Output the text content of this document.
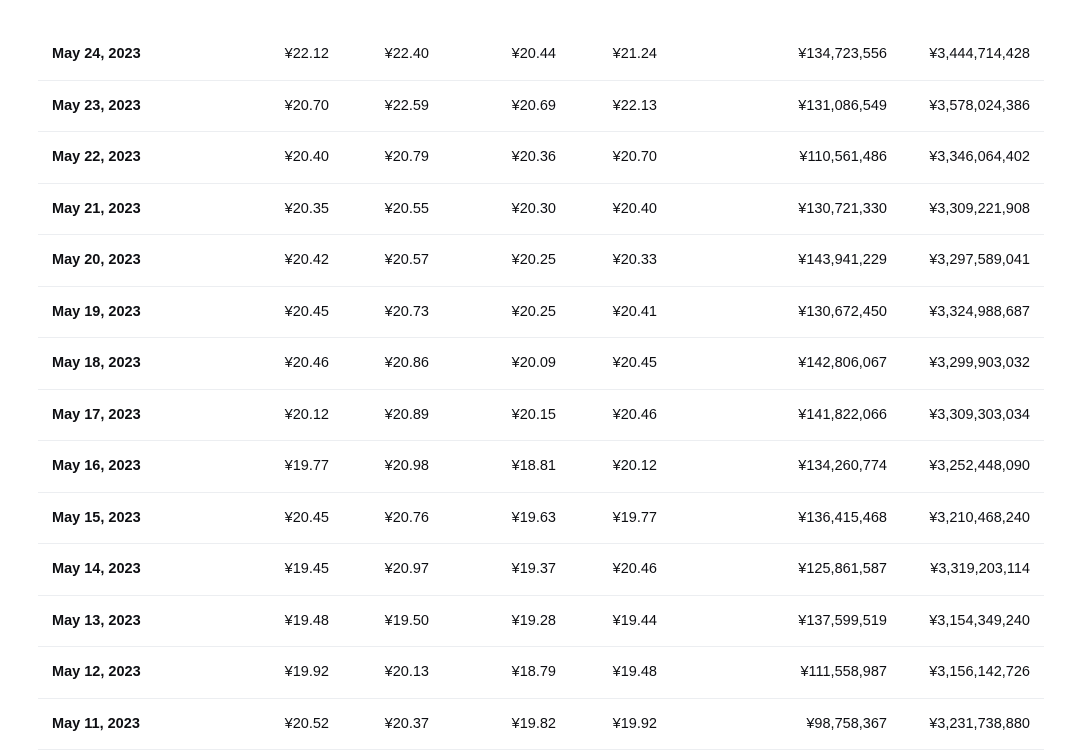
May 24, 2023	¥22.12	¥22.40	¥20.44	¥21.24	¥134,723,556	¥3,444,714,428
May 23, 2023	¥20.70	¥22.59	¥20.69	¥22.13	¥131,086,549	¥3,578,024,386
May 22, 2023	¥20.40	¥20.79	¥20.36	¥20.70	¥110,561,486	¥3,346,064,402
May 21, 2023	¥20.35	¥20.55	¥20.30	¥20.40	¥130,721,330	¥3,309,221,908
May 20, 2023	¥20.42	¥20.57	¥20.25	¥20.33	¥143,941,229	¥3,297,589,041
May 19, 2023	¥20.45	¥20.73	¥20.25	¥20.41	¥130,672,450	¥3,324,988,687
May 18, 2023	¥20.46	¥20.86	¥20.09	¥20.45	¥142,806,067	¥3,299,903,032
May 17, 2023	¥20.12	¥20.89	¥20.15	¥20.46	¥141,822,066	¥3,309,303,034
May 16, 2023	¥19.77	¥20.98	¥18.81	¥20.12	¥134,260,774	¥3,252,448,090
May 15, 2023	¥20.45	¥20.76	¥19.63	¥19.77	¥136,415,468	¥3,210,468,240
May 14, 2023	¥19.45	¥20.97	¥19.37	¥20.46	¥125,861,587	¥3,319,203,114
May 13, 2023	¥19.48	¥19.50	¥19.28	¥19.44	¥137,599,519	¥3,154,349,240
May 12, 2023	¥19.92	¥20.13	¥18.79	¥19.48	¥111,558,987	¥3,156,142,726
May 11, 2023	¥20.52	¥20.37	¥19.82	¥19.92	¥98,758,367	¥3,231,738,880
